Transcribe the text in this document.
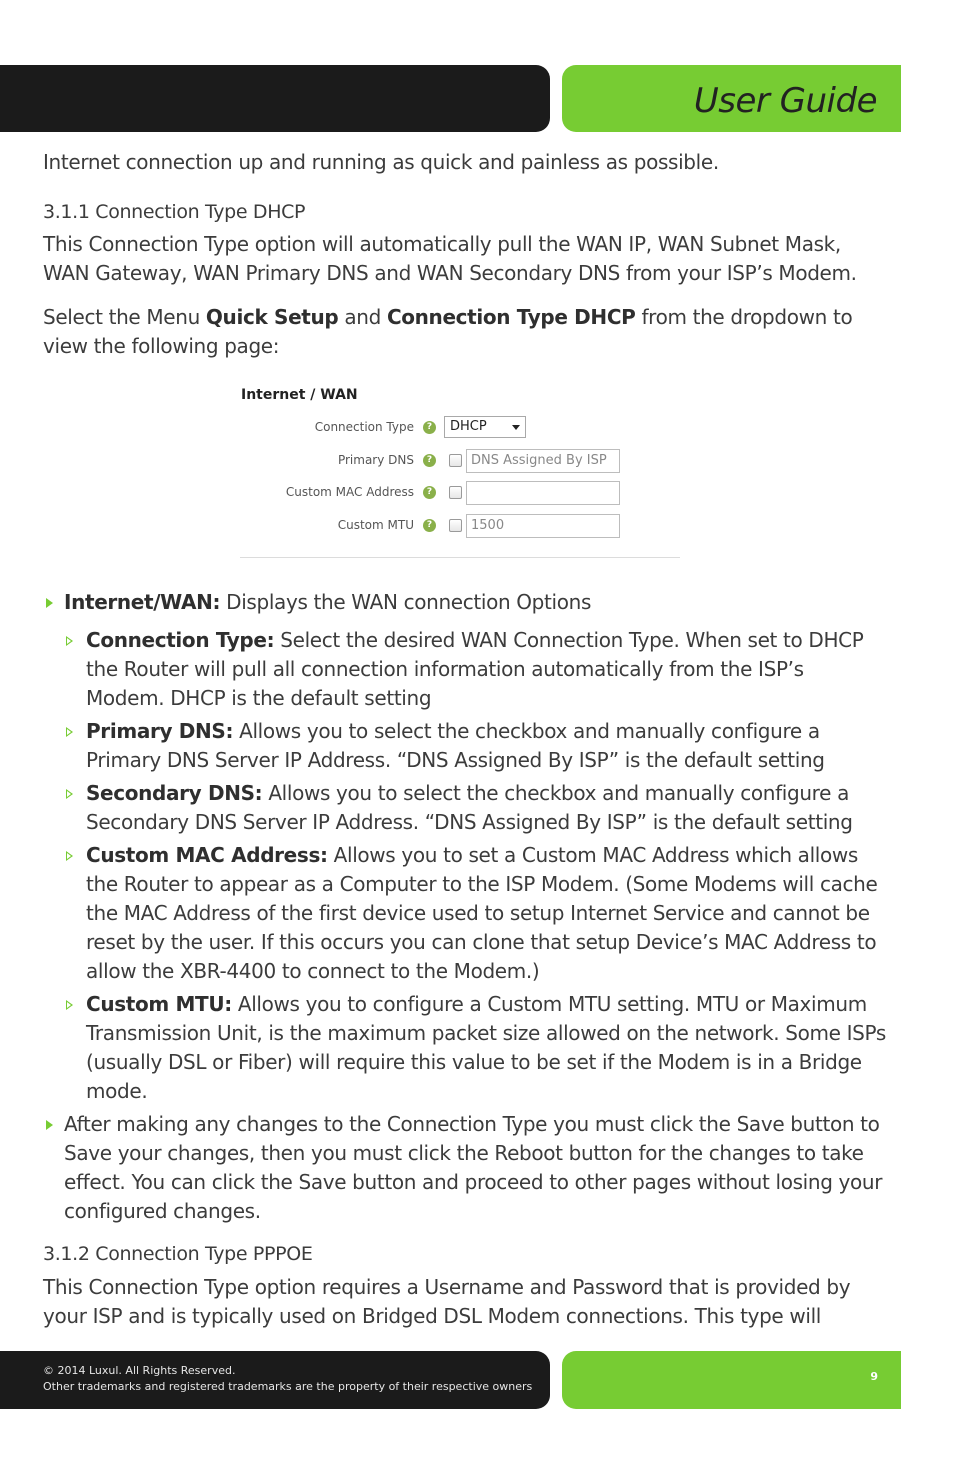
User Guide
Internet connection up and running as quick and painless as possible.
3.1.1 Connection Type DHCP
This Connection Type option will automatically pull the WAN IP, WAN Subnet Mask, WAN Gateway, WAN Primary DNS and WAN Secondary DNS from your ISP’s Modem.
Select the Menu Quick Setup and Connection Type DHCP from the dropdown to view the following page:
Internet / WAN
Connection Type	?	DHCP
Primary DNS	?	DNS Assigned By ISP
Custom MAC Address	?
Custom MTU	?	1500
Internet/WAN: Displays the WAN connection Options
Connection Type: Select the desired WAN Connection Type. When set to DHCP the Router will pull all connection information automatically from the ISP’s Modem. DHCP is the default setting
Primary DNS: Allows you to select the checkbox and manually configure a Primary DNS Server IP Address. “DNS Assigned By ISP” is the default setting
Secondary DNS: Allows you to select the checkbox and manually configure a Secondary DNS Server IP Address. “DNS Assigned By ISP” is the default setting
Custom MAC Address: Allows you to set a Custom MAC Address which allows the Router to appear as a Computer to the ISP Modem. (Some Modems will cache the MAC Address of the first device used to setup Internet Service and cannot be reset by the user. If this occurs you can clone that setup Device’s MAC Address to allow the XBR-4400 to connect to the Modem.)
Custom MTU: Allows you to configure a Custom MTU setting. MTU or Maximum Transmission Unit, is the maximum packet size allowed on the network. Some ISPs (usually DSL or Fiber) will require this value to be set if the Modem is in a Bridge mode.
After making any changes to the Connection Type you must click the Save button to Save your changes, then you must click the Reboot button for the changes to take effect. You can click the Save button and proceed to other pages without losing your configured changes.
3.1.2 Connection Type PPPOE
This Connection Type option requires a Username and Password that is provided by your ISP and is typically used on Bridged DSL Modem connections. This type will
© 2014 Luxul. All Rights Reserved.
Other trademarks and registered trademarks are the property of their respective owners
9
